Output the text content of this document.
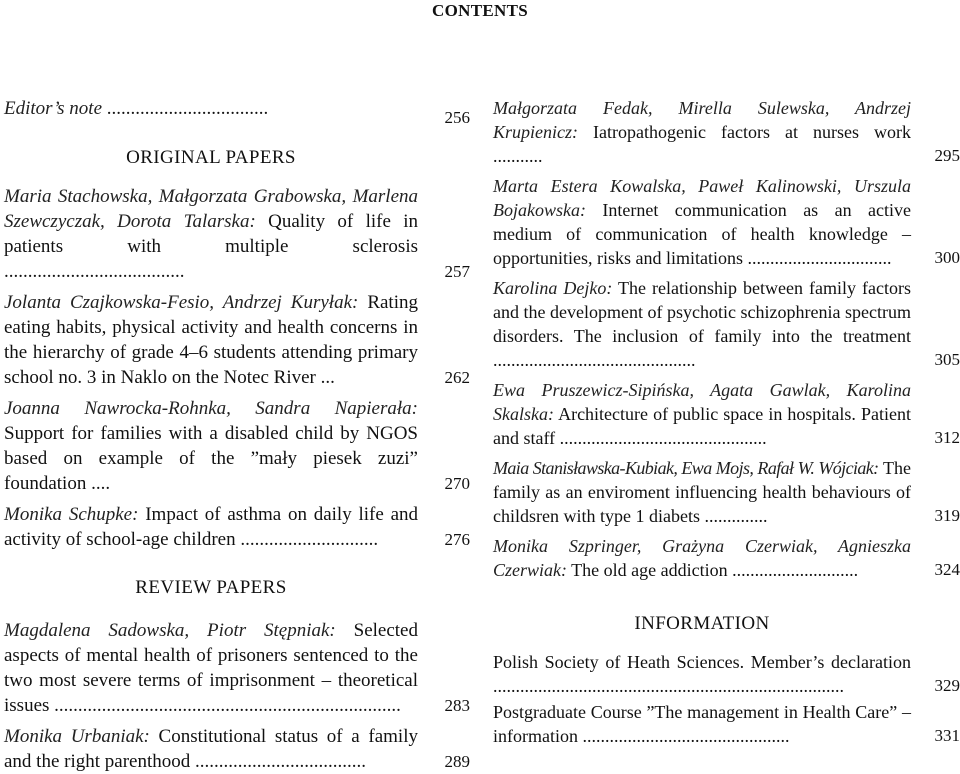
CONTENTS
Editor’s note ..................................	256
ORIGINAL PAPERS
Maria Stachowska, Małgorzata Grabowska, Marlena Szewczyczak, Dorota Talarska: Quality of life in patients with multiple sclerosis ......................................	257
Jolanta Czajkowska-Fesio, Andrzej Kuryłak: Rating eating habits, physical activity and health concerns in the hierarchy of grade 4–6 students attending primary school no. 3 in Naklo on the Notec River ...	262
Joanna Nawrocka-Rohnka, Sandra Napierała: Support for families with a disabled child by NGOS based on example of the ”mały piesek zuzi” foundation ....	270
Monika Schupke: Impact of asthma on daily life and activity of school-age children .............................	276
REVIEW PAPERS
Magdalena Sadowska, Piotr Stępniak: Selected aspects of mental health of prisoners sentenced to the two most severe terms of imprisonment – theoretical issues .........................................................................	283
Monika Urbaniak: Constitutional status of a family and the right parenthood ....................................	289
Małgorzata Fedak, Mirella Sulewska, Andrzej Krupienicz: Iatropathogenic factors at nurses work ...........	295
Marta Estera Kowalska, Paweł Kalinowski, Urszula Bojakowska: Internet communication as an active medium of communication of health knowledge – opportunities, risks and limitations ................................	300
Karolina Dejko: The relationship between family factors and the development of psychotic schizophrenia spectrum disorders. The inclusion of family into the treatment .............................................	305
Ewa Pruszewicz-Sipińska, Agata Gawlak, Karolina Skalska: Architecture of public space in hospitals. Patient and staff ..............................................	312
Maia Stanisławska-Kubiak, Ewa Mojs, Rafał W. Wójciak: The family as an enviroment influencing health behaviours of childsren with type 1 diabets ..............	319
Monika Szpringer, Grażyna Czerwiak, Agnieszka Czerwiak: The old age addiction ............................	324
INFORMATION
Polish Society of Heath Sciences. Member’s declaration ..............................................................................	329
Postgraduate Course ”The management in Health Care” – information ..............................................	331
